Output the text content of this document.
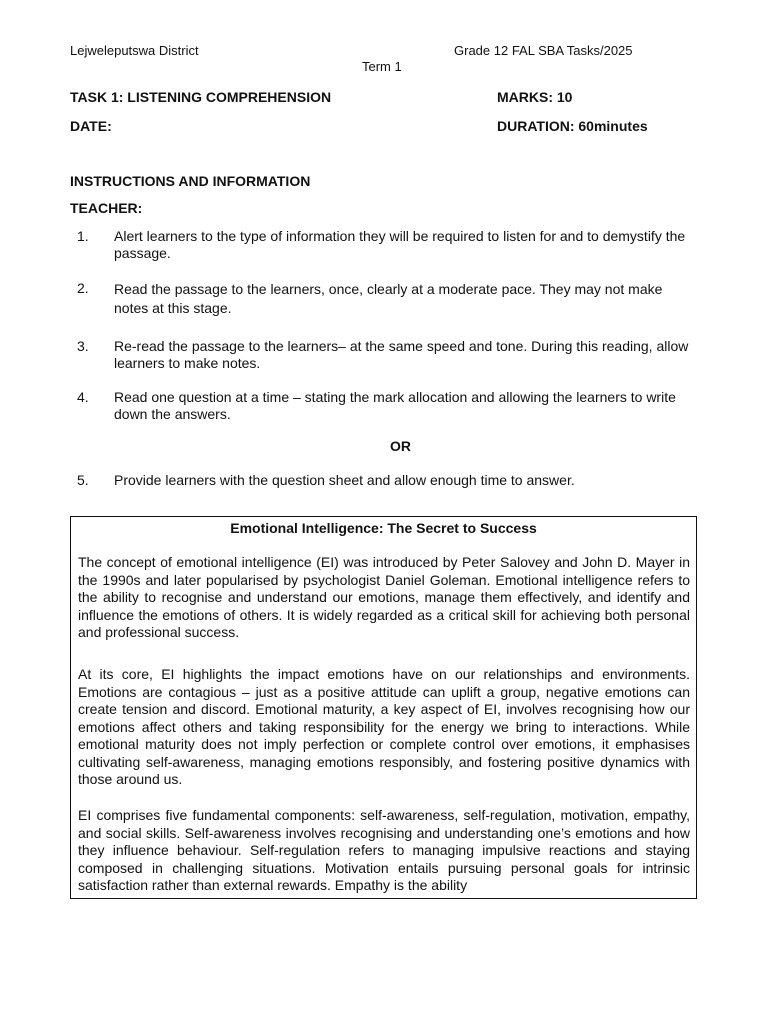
Lejweleputswa District	Grade 12 FAL SBA Tasks/2025
Term 1
TASK 1: LISTENING COMPREHENSION	MARKS: 10
DATE:	DURATION: 60minutes
INSTRUCTIONS AND INFORMATION
TEACHER:
1. Alert learners to the type of information they will be required to listen for and to demystify the passage.
2. Read the passage to the learners, once, clearly at a moderate pace. They may not make notes at this stage.
3. Re-read the passage to the learners– at the same speed and tone. During this reading, allow learners to make notes.
4. Read one question at a time – stating the mark allocation and allowing the learners to write down the answers.
OR
5. Provide learners with the question sheet and allow enough time to answer.
Emotional Intelligence: The Secret to Success

The concept of emotional intelligence (EI) was introduced by Peter Salovey and John D. Mayer in the 1990s and later popularised by psychologist Daniel Goleman. Emotional intelligence refers to the ability to recognise and understand our emotions, manage them effectively, and identify and influence the emotions of others. It is widely regarded as a critical skill for achieving both personal and professional success.

At its core, EI highlights the impact emotions have on our relationships and environments. Emotions are contagious – just as a positive attitude can uplift a group, negative emotions can create tension and discord. Emotional maturity, a key aspect of EI, involves recognising how our emotions affect others and taking responsibility for the energy we bring to interactions. While emotional maturity does not imply perfection or complete control over emotions, it emphasises cultivating self-awareness, managing emotions responsibly, and fostering positive dynamics with those around us.

EI comprises five fundamental components: self-awareness, self-regulation, motivation, empathy, and social skills. Self-awareness involves recognising and understanding one’s emotions and how they influence behaviour. Self-regulation refers to managing impulsive reactions and staying composed in challenging situations. Motivation entails pursuing personal goals for intrinsic satisfaction rather than external rewards. Empathy is the ability
